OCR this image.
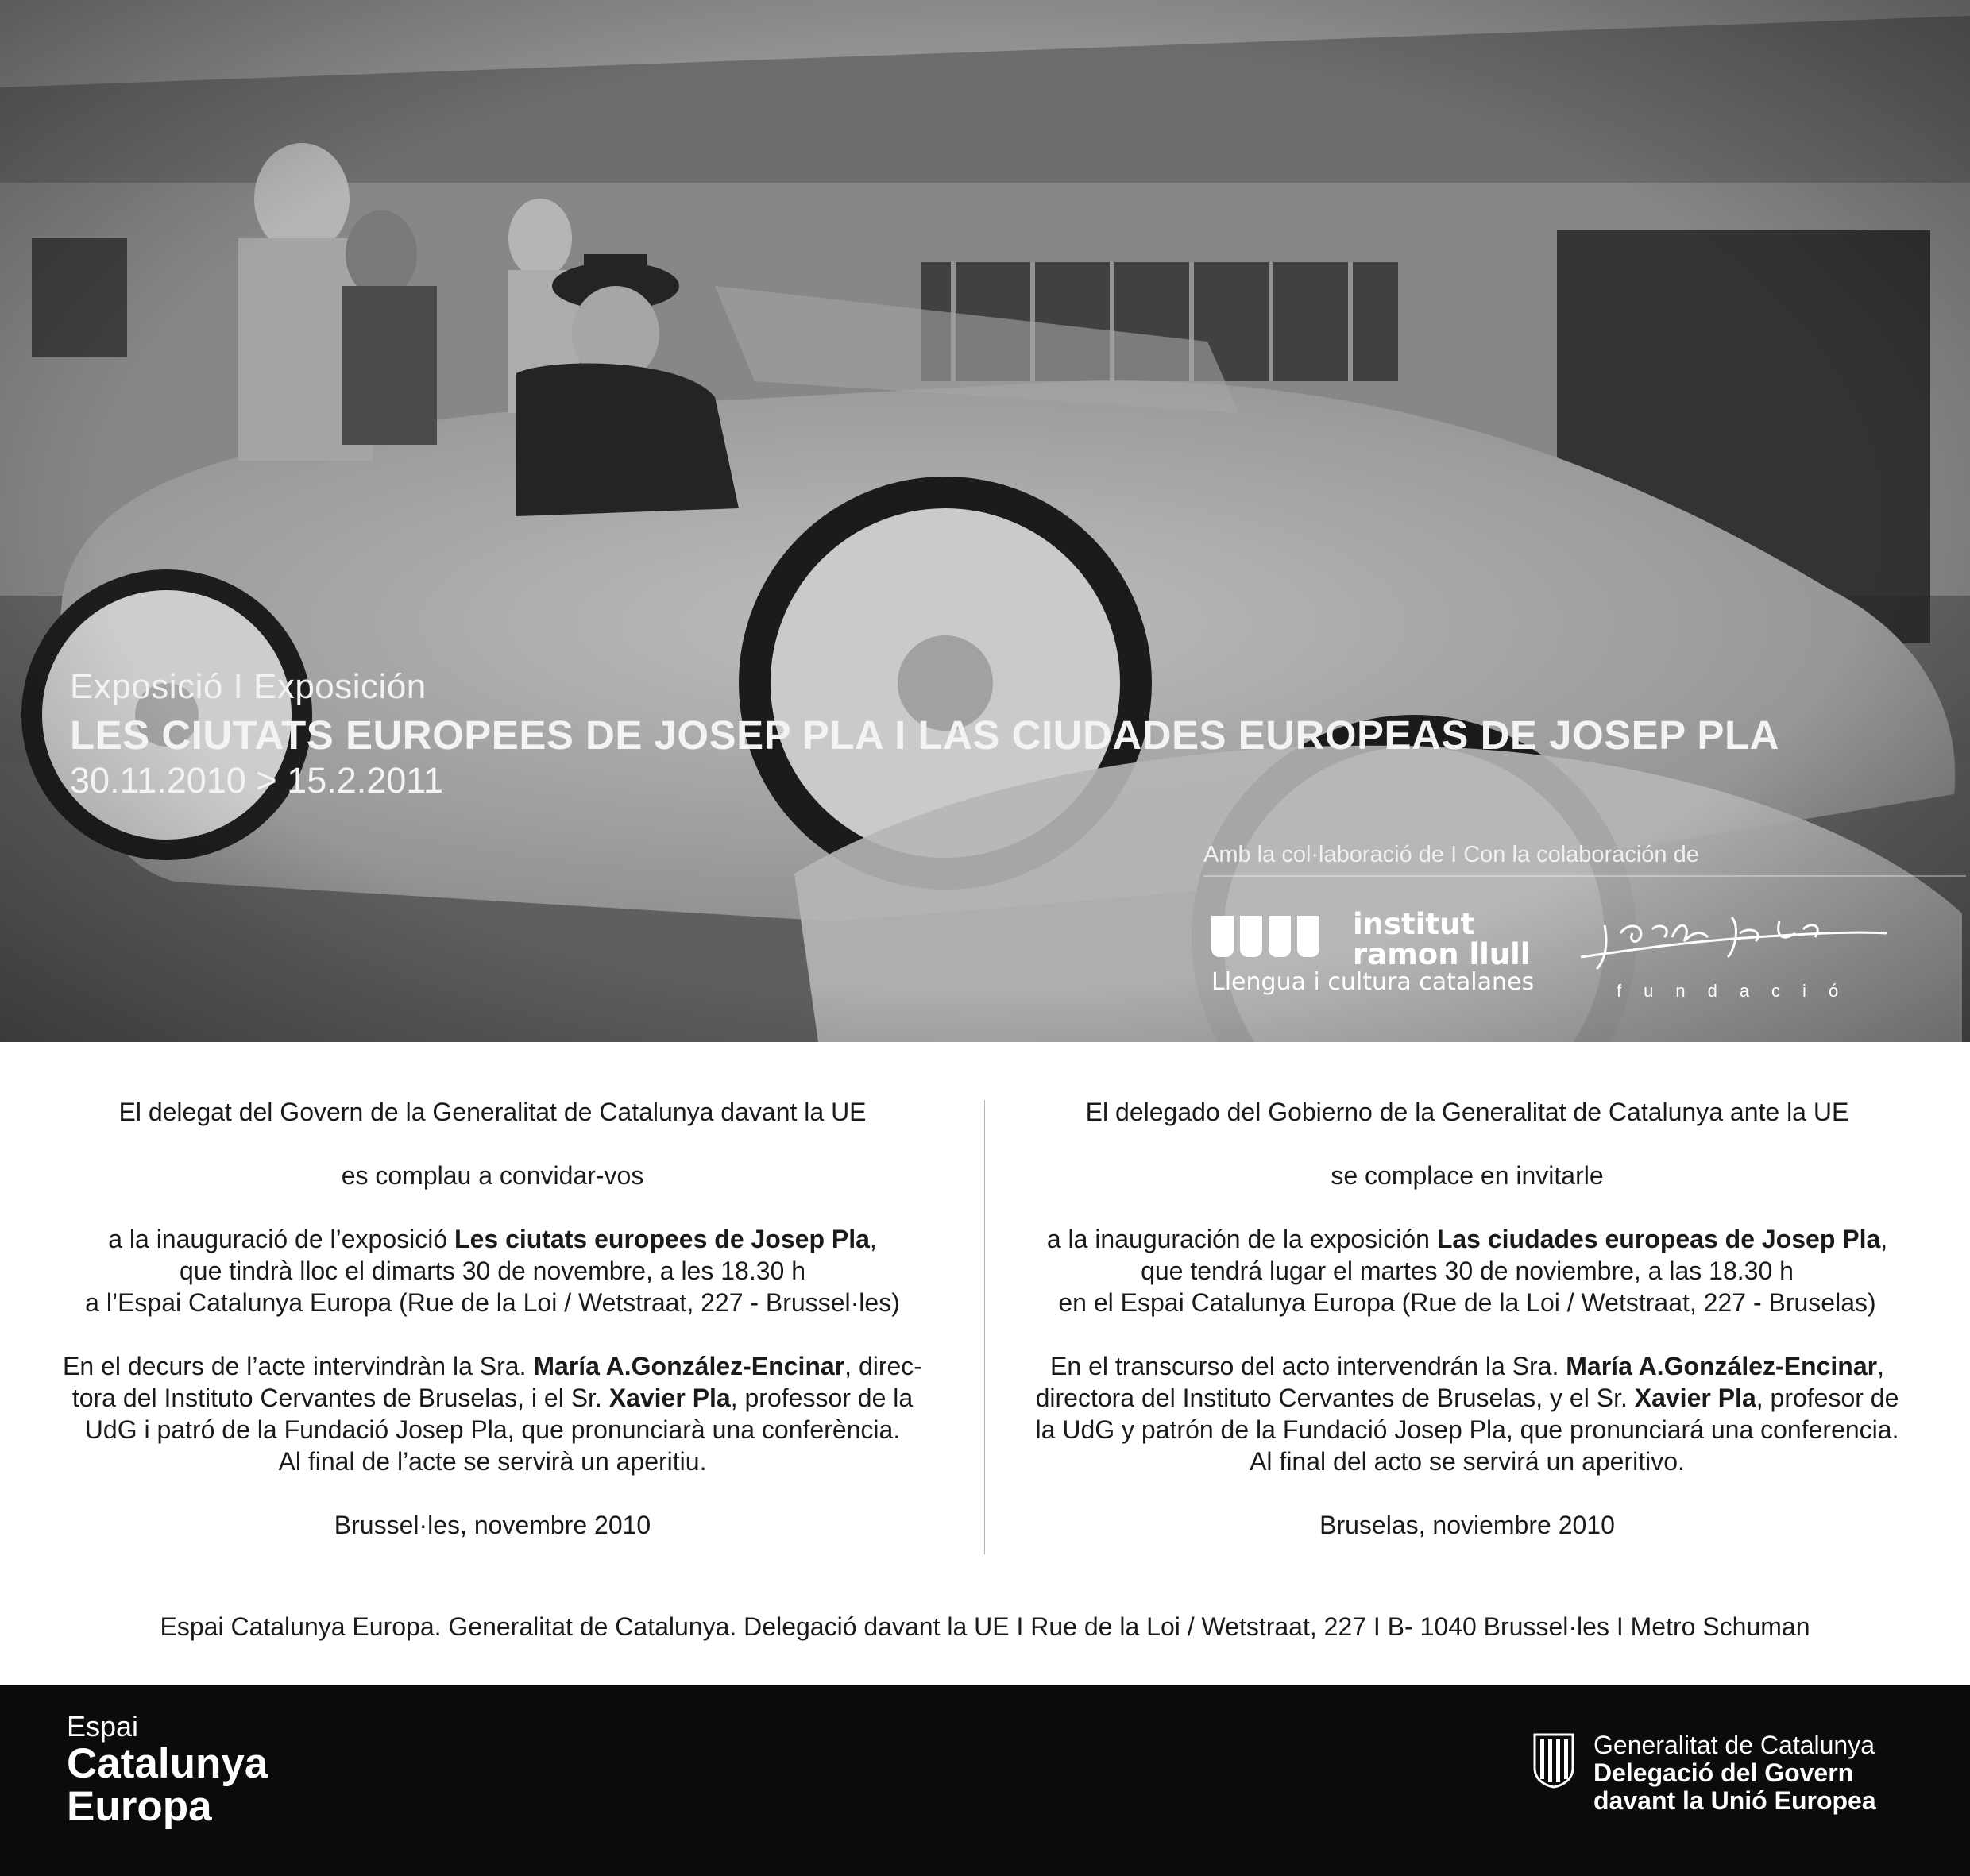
Exposició I Exposición
LES CIUTATS EUROPEES DE JOSEP PLA I LAS CIUDADES EUROPEAS DE JOSEP PLA
30.11.2010 > 15.2.2011
Amb la col·laboració de I Con la colaboración de
institut
ramon llull
Llengua i cultura catalanes	fundació

El delegat del Govern de la Generalitat de Catalunya davant la UE

es complau a convidar-vos

a la inauguració de l’exposició Les ciutats europees de Josep Pla,

que tindrà lloc el dimarts 30 de novembre, a les 18.30 h

a l’Espai Catalunya Europa (Rue de la Loi / Wetstraat, 227 - Brussel·les)

En el decurs de l’acte intervindràn la Sra. María A.González-Encinar, direc-

tora del Instituto Cervantes de Bruselas, i el Sr. Xavier Pla, professor de la

UdG i patró de la Fundació Josep Pla, que pronunciarà una conferència.

Al final de l’acte se servirà un aperitiu.

Brussel·les, novembre 2010

El delegado del Gobierno de la Generalitat de Catalunya ante la UE

se complace en invitarle

a la inauguración de la exposición Las ciudades europeas de Josep Pla,

que tendrá lugar el martes 30 de noviembre, a las 18.30 h

en el Espai Catalunya Europa (Rue de la Loi / Wetstraat, 227 - Bruselas)

En el transcurso del acto intervendrán la Sra. María A.González-Encinar,

directora del Instituto Cervantes de Bruselas, y el Sr. Xavier Pla, profesor de

la UdG y patrón de la Fundació Josep Pla, que pronunciará una conferencia.

Al final del acto se servirá un aperitivo.

Bruselas, noviembre 2010

Espai Catalunya Europa. Generalitat de Catalunya. Delegació davant la UE I Rue de la Loi / Wetstraat, 227 I B- 1040 Brussel·les I Metro Schuman
Espai
Catalunya
Europa
Generalitat de Catalunya
Delegació del Govern
davant la Unió Europea
